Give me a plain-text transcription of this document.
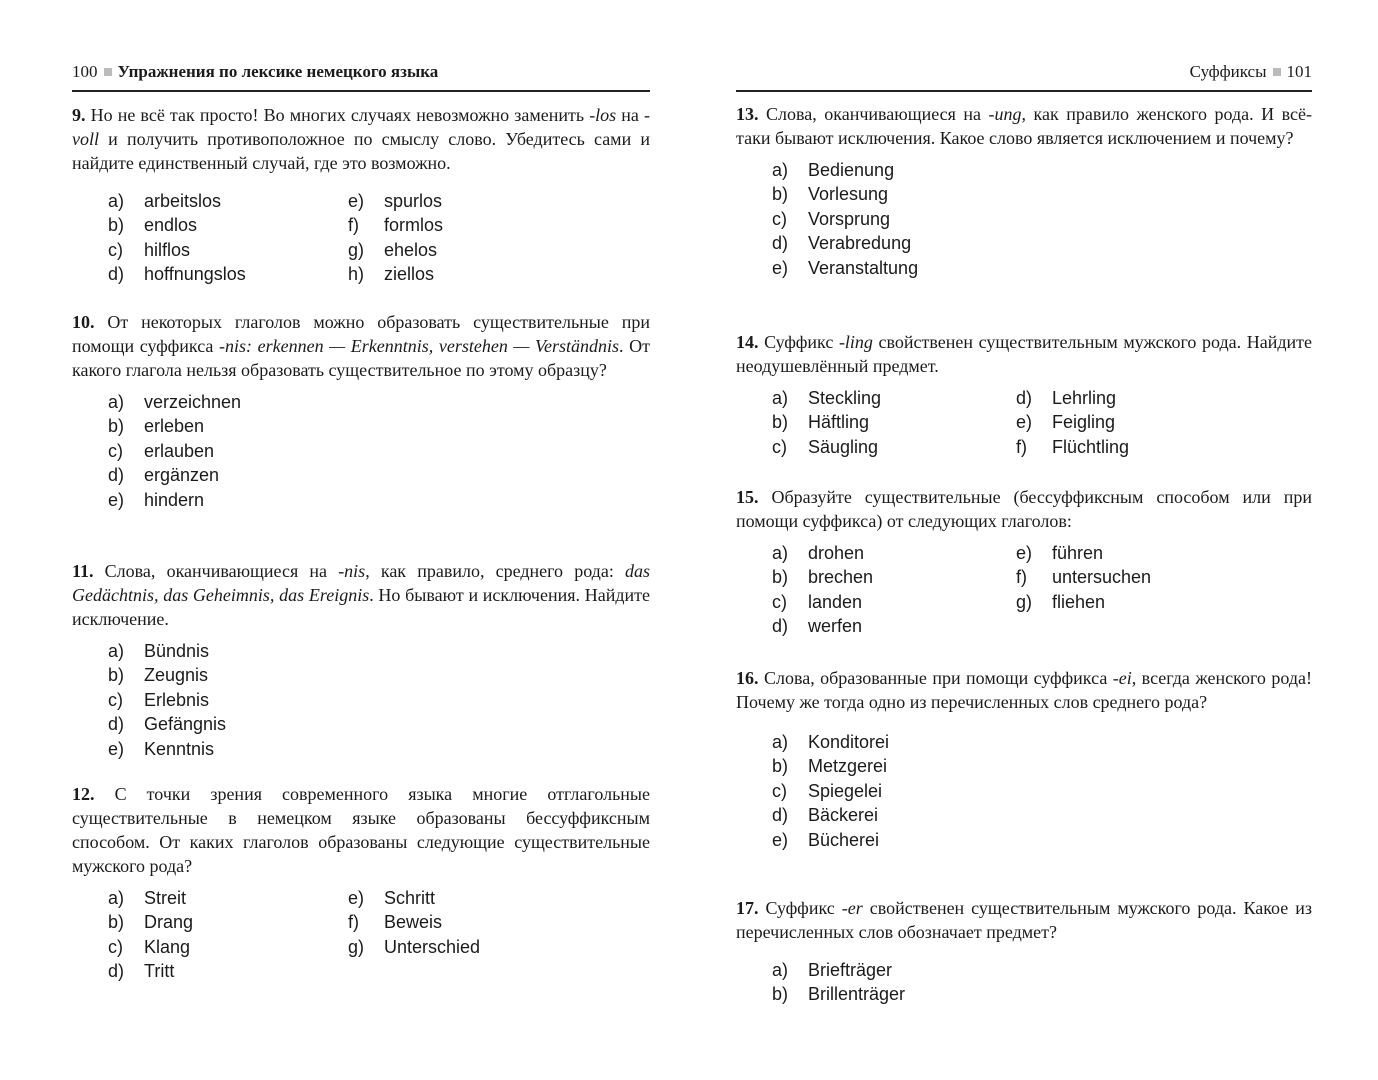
100 Упражнения по лексике немецкого языка

9. Но не всё так просто! Во многих случаях невозможно заменить -los на -voll и получить противоположное по смыслу слово. Убедитесь сами и найдите единственный случай, где это возможно.

a) arbeitslos
b) endlos
c) hilflos
d) hoffnungslos
e) spurlos
f) formlos
g) ehelos
h) ziellos

10. От некоторых глаголов можно образовать существительные при помощи суффикса -nis: erkennen — Erkenntnis, verstehen — Verständnis. От какого глагола нельзя образовать существительное по этому образцу?

a) verzeichnen
b) erleben
c) erlauben
d) ergänzen
e) hindern

11. Слова, оканчивающиеся на -nis, как правило, среднего рода: das Gedächtnis, das Geheimnis, das Ereignis. Но бывают и исключения. Найдите исключение.

a) Bündnis
b) Zeugnis
c) Erlebnis
d) Gefängnis
e) Kenntnis

12. С точки зрения современного языка многие отглагольные существительные в немецком языке образованы бессуффиксным способом. От каких глаголов образованы следующие существительные мужского рода?

a) Streit
b) Drang
c) Klang
d) Tritt
e) Schritt
f) Beweis
g) Unterschied
Суффиксы 101

13. Слова, оканчивающиеся на -ung, как правило женского рода. И всё-таки бывают исключения. Какое слово является исключением и почему?

a) Bedienung
b) Vorlesung
c) Vorsprung
d) Verabredung
e) Veranstaltung

14. Суффикс -ling свойственен существительным мужского рода. Найдите неодушевлённый предмет.

a) Steckling
b) Häftling
c) Säugling
d) Lehrling
e) Feigling
f) Flüchtling

15. Образуйте существительные (бессуффиксным способом или при помощи суффикса) от следующих глаголов:

a) drohen
b) brechen
c) landen
d) werfen
e) führen
f) untersuchen
g) fliehen

16. Слова, образованные при помощи суффикса -ei, всегда женского рода! Почему же тогда одно из перечисленных слов среднего рода?

a) Konditorei
b) Metzgerei
c) Spiegelei
d) Bäckerei
e) Bücherei

17. Суффикс -er свойственен существительным мужского рода. Какое из перечисленных слов обозначает предмет?

a) Briefträger
b) Brillenträger
